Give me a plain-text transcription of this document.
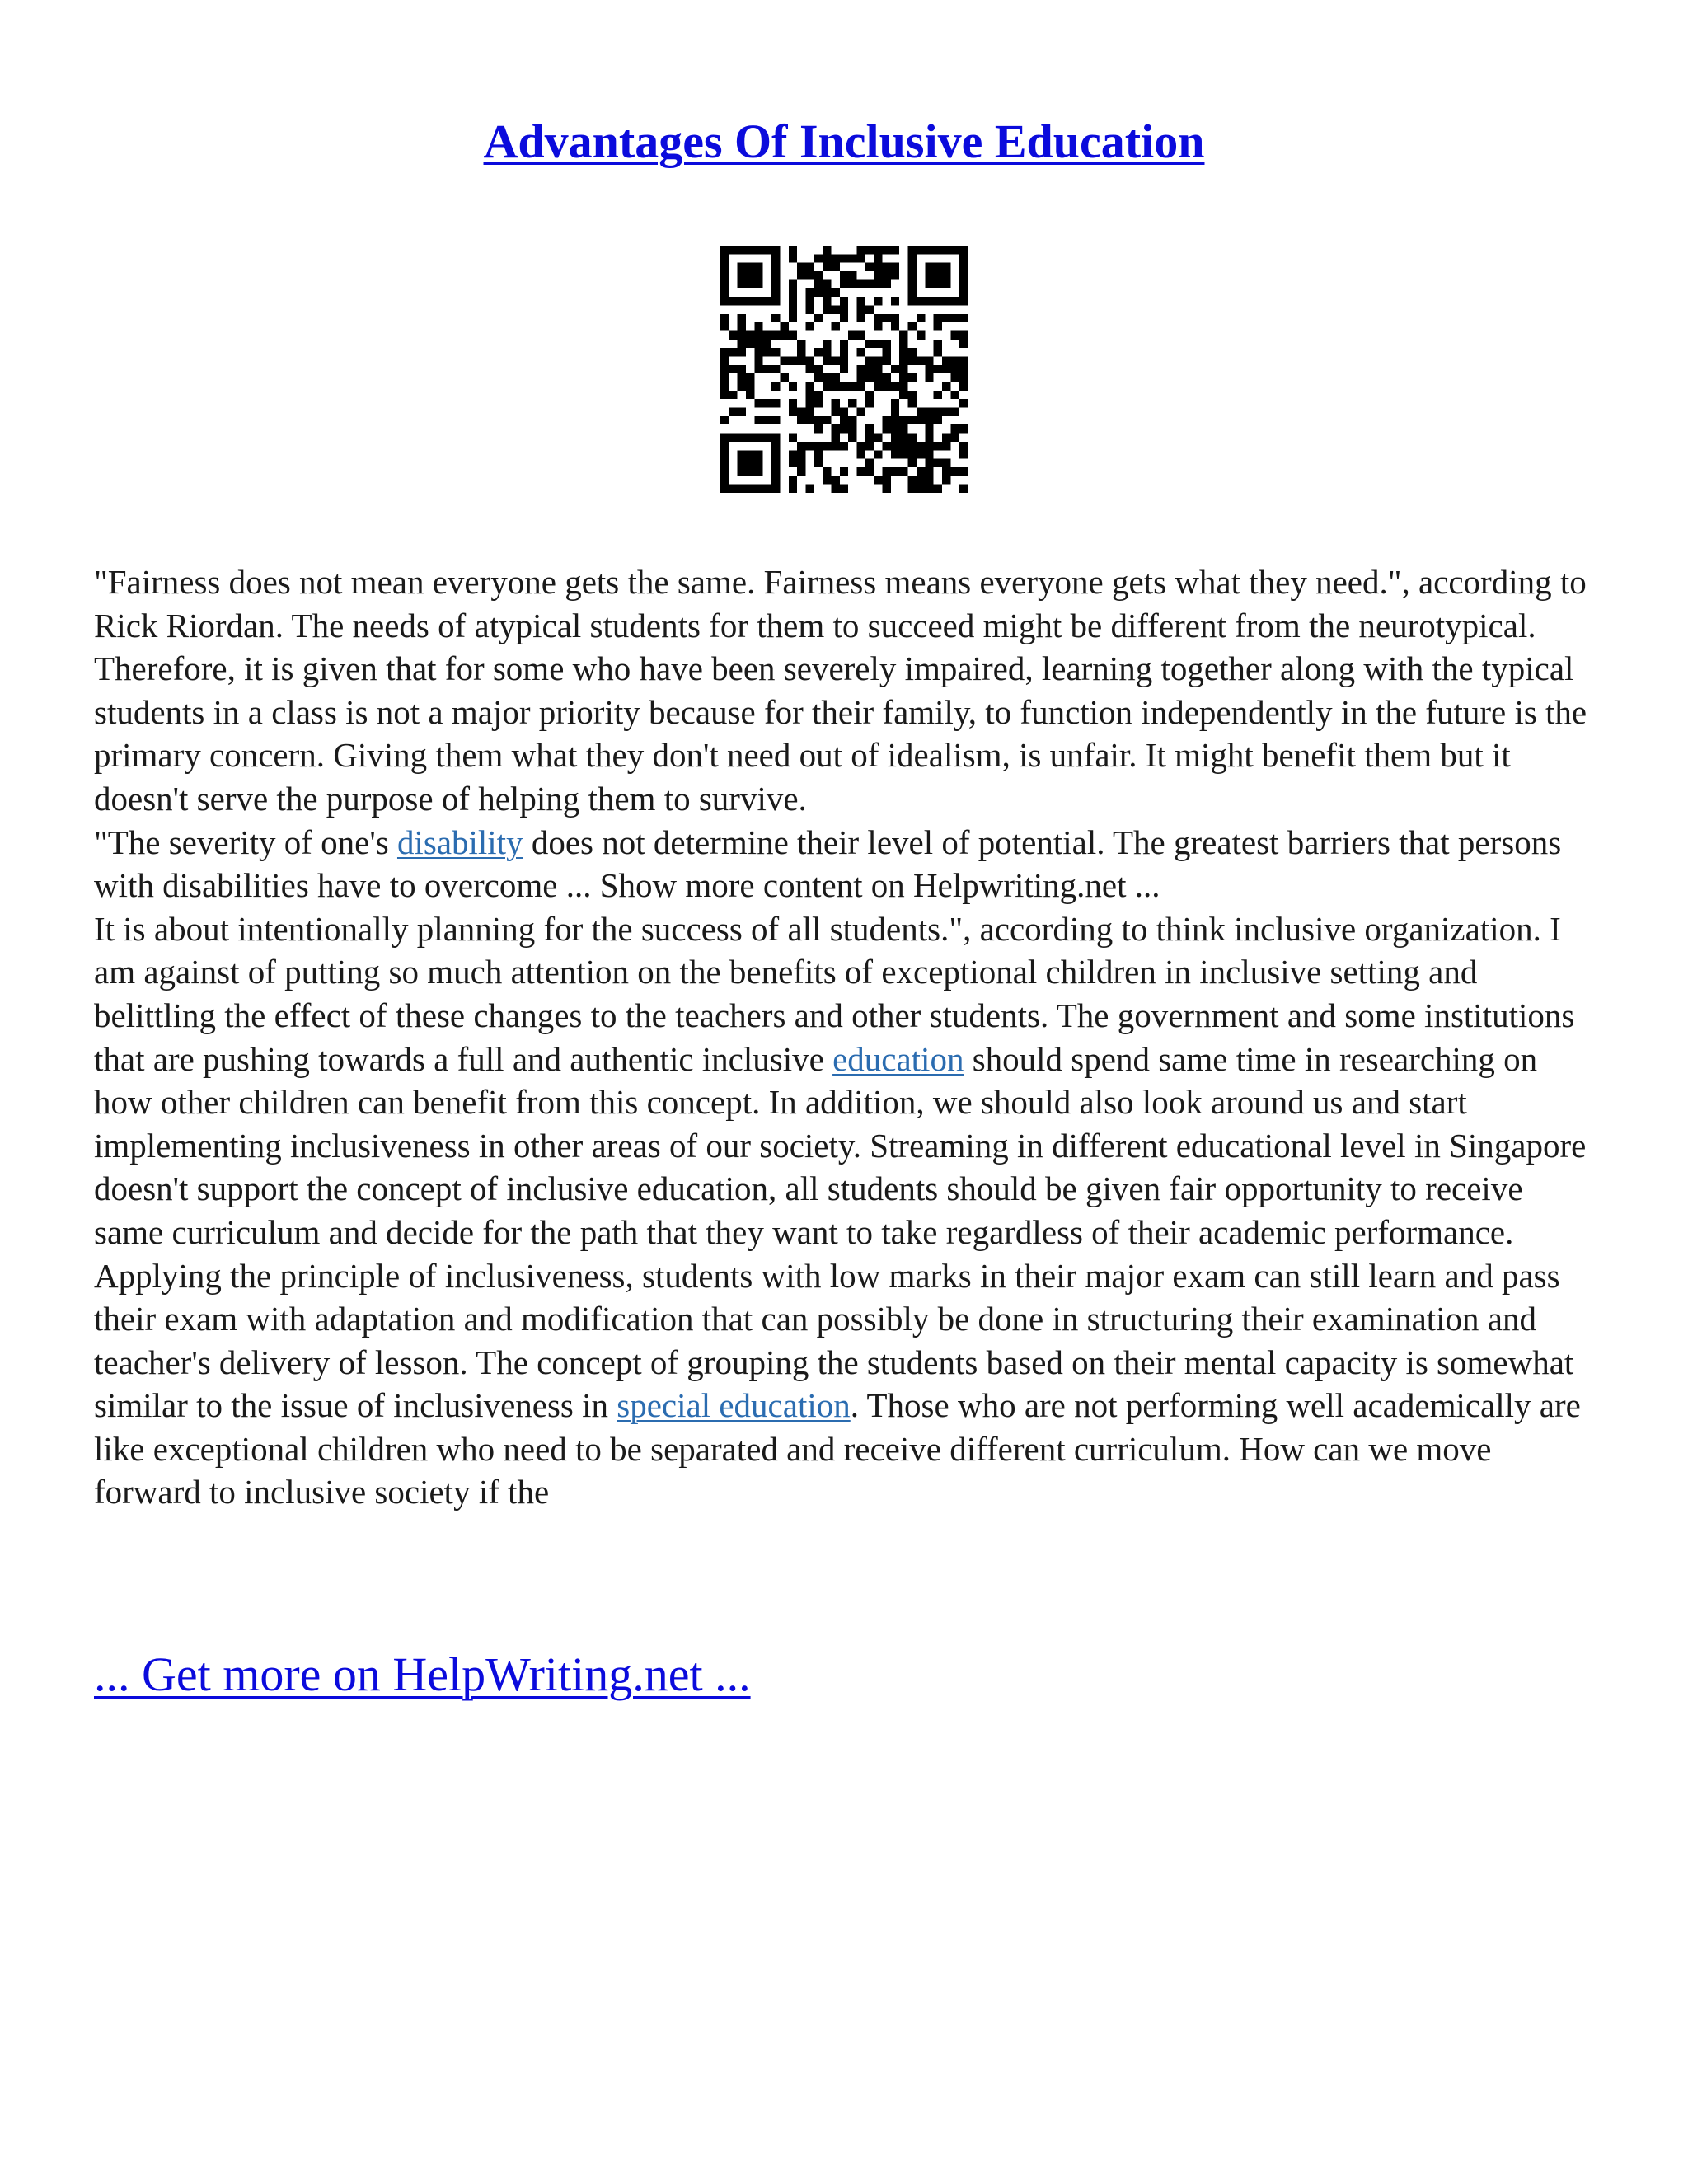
Advantages Of Inclusive Education

"Fairness does not mean everyone gets the same. Fairness means everyone gets what they need.", according to Rick Riordan. The needs of atypical students for them to succeed might be different from the neurotypical. Therefore, it is given that for some who have been severely impaired, learning together along with the typical students in a class is not a major priority because for their family, to function independently in the future is the primary concern. Giving them what they don't need out of idealism, is unfair. It might benefit them but it doesn't serve the purpose of helping them to survive.

"The severity of one's disability does not determine their level of potential. The greatest barriers that persons with disabilities have to overcome ... Show more content on Helpwriting.net ...

It is about intentionally planning for the success of all students.", according to think inclusive organization. I am against of putting so much attention on the benefits of exceptional children in inclusive setting and belittling the effect of these changes to the teachers and other students. The government and some institutions that are pushing towards a full and authentic inclusive education should spend same time in researching on how other children can benefit from this concept. In addition, we should also look around us and start implementing inclusiveness in other areas of our society. Streaming in different educational level in Singapore doesn't support the concept of inclusive education, all students should be given fair opportunity to receive same curriculum and decide for the path that they want to take regardless of their academic performance. Applying the principle of inclusiveness, students with low marks in their major exam can still learn and pass their exam with adaptation and modification that can possibly be done in structuring their examination and teacher's delivery of lesson. The concept of grouping the students based on their mental capacity is somewhat similar to the issue of inclusiveness in special education. Those who are not performing well academically are like exceptional children who need to be separated and receive different curriculum. How can we move forward to inclusive society if the

... Get more on HelpWriting.net ...
